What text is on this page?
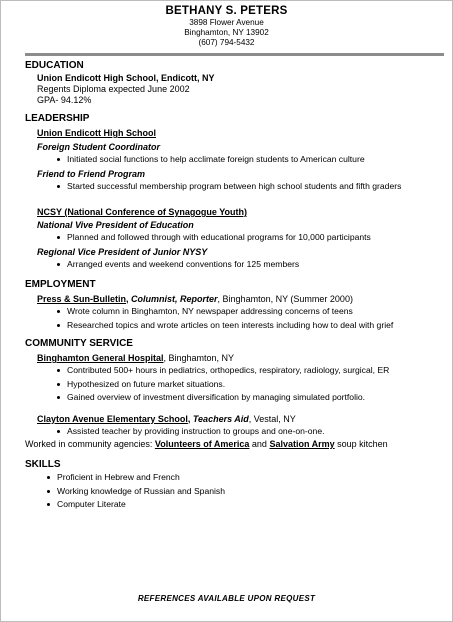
BETHANY S. PETERS
3898 Flower Avenue
Binghamton, NY 13902
(607) 794-5432
EDUCATION
Union Endicott High School, Endicott, NY
Regents Diploma expected June 2002
GPA- 94.12%
LEADERSHIP
Union Endicott High School
Foreign Student Coordinator
Initiated social functions to help acclimate foreign students to American culture
Friend to Friend Program
Started successful membership program between high school students and fifth graders
NCSY (National Conference of Synagogue Youth)
National Vive President of Education
Planned and followed through with educational programs for 10,000 participants
Regional Vice President of Junior NYSY
Arranged events and weekend conventions for 125 members
EMPLOYMENT
Press & Sun-Bulletin, Columnist, Reporter, Binghamton, NY (Summer 2000)
Wrote column in Binghamton, NY newspaper addressing concerns of teens
Researched topics and wrote articles on teen interests including how to deal with grief
COMMUNITY SERVICE
Binghamton General Hospital, Binghamton, NY
Contributed 500+ hours in pediatrics, orthopedics, respiratory, radiology, surgical, ER
Hypothesized on future market situations.
Gained overview of investment diversification by managing simulated portfolio.
Clayton Avenue Elementary School, Teachers Aid, Vestal, NY
Assisted teacher by providing instruction to groups and one-on-one.
Worked in community agencies: Volunteers of America and Salvation Army soup kitchen
SKILLS
Proficient in Hebrew and French
Working knowledge of Russian and Spanish
Computer Literate
REFERENCES AVAILABLE UPON REQUEST
